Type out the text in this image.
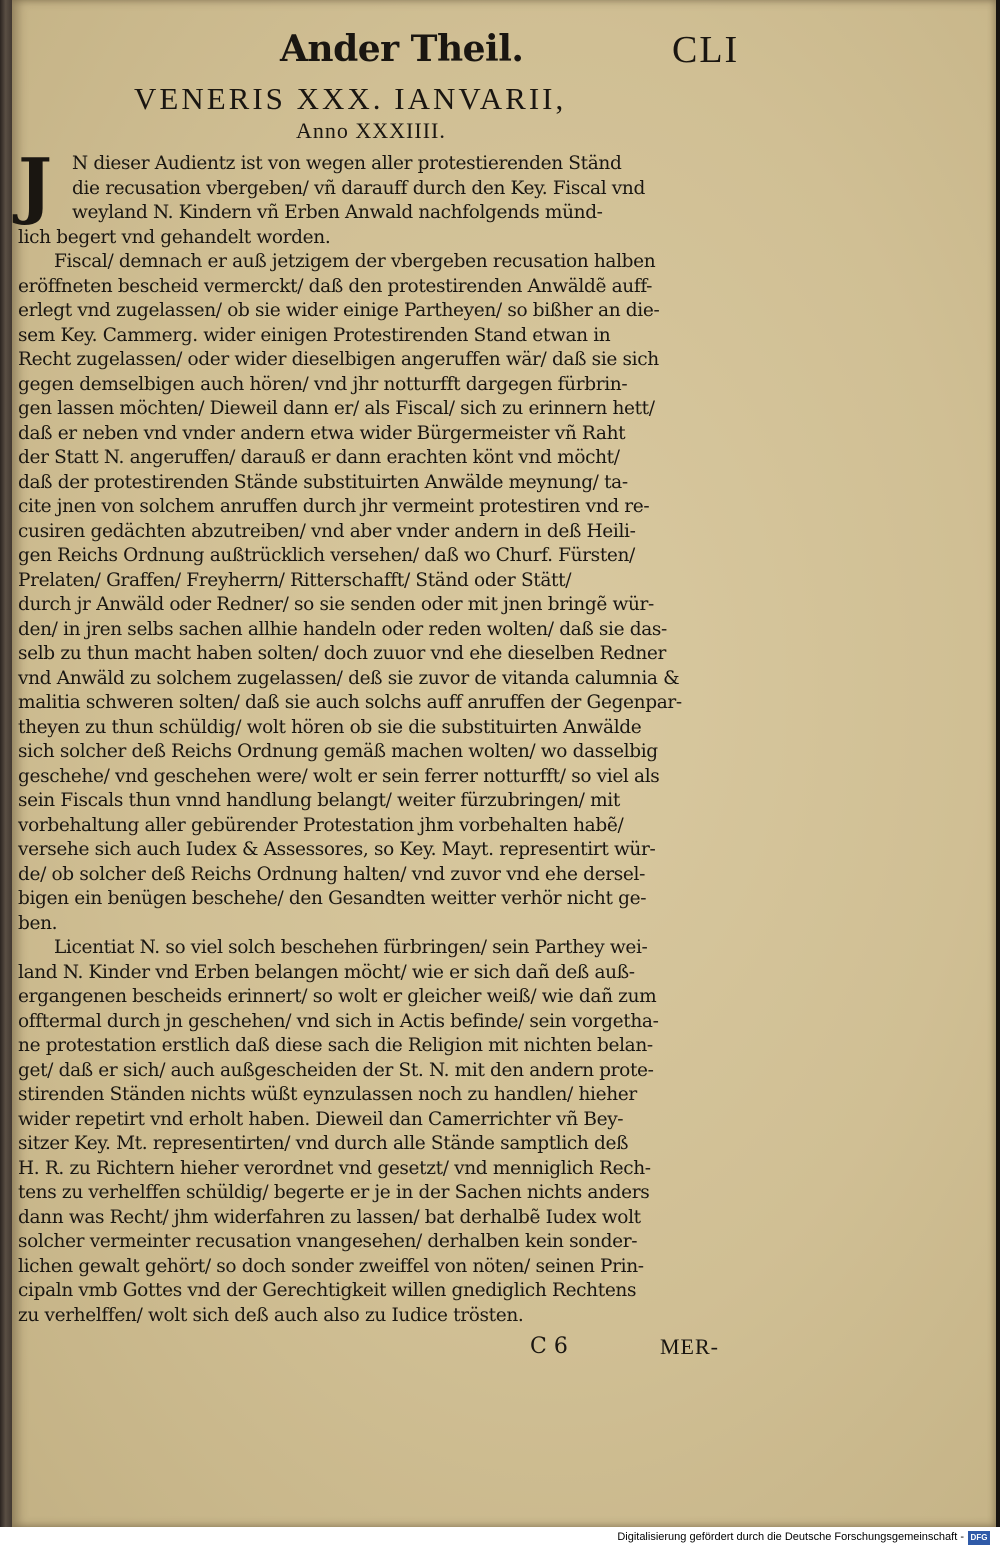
Ander Theil.	CLI

VENERIS XXX. IANVARII,

Anno XXXIIII.

J	N dieser Audientz ist von wegen aller protestierenden Ständ
die recusation vbergeben/ vñ darauff durch den Key. Fiscal vnd
weyland N. Kindern vñ Erben Anwald nachfolgends münd-
lich begert vnd gehandelt worden.
Fiscal/ demnach er auß jetzigem der vbergeben recusation halben
eröffneten bescheid vermerckt/ daß den protestirenden Anwäldẽ auff-
erlegt vnd zugelassen/ ob sie wider einige Partheyen/ so bißher an die-
sem Key. Cammerg. wider einigen Protestirenden Stand etwan in
Recht zugelassen/ oder wider dieselbigen angeruffen wär/ daß sie sich
gegen demselbigen auch hören/ vnd jhr notturfft dargegen fürbrin-
gen lassen möchten/ Dieweil dann er/ als Fiscal/ sich zu erinnern hett/
daß er neben vnd vnder andern etwa wider Bürgermeister vñ Raht
der Statt N. angeruffen/ darauß er dann erachten könt vnd möcht/
daß der protestirenden Stände substituirten Anwälde meynung/ ta-
cite jnen von solchem anruffen durch jhr vermeint protestiren vnd re-
cusiren gedächten abzutreiben/ vnd aber vnder andern in deß Heili-
gen Reichs Ordnung außtrücklich versehen/ daß wo Churf. Fürsten/
Prelaten/ Graffen/ Freyherrn/ Ritterschafft/ Ständ oder Stätt/
durch jr Anwäld oder Redner/ so sie senden oder mit jnen bringẽ wür-
den/ in jren selbs sachen allhie handeln oder reden wolten/ daß sie das-
selb zu thun macht haben solten/ doch zuuor vnd ehe dieselben Redner
vnd Anwäld zu solchem zugelassen/ deß sie zuvor de vitanda calumnia &
malitia schweren solten/ daß sie auch solchs auff anruffen der Gegenpar-
theyen zu thun schüldig/ wolt hören ob sie die substituirten Anwälde
sich solcher deß Reichs Ordnung gemäß machen wolten/ wo dasselbig
geschehe/ vnd geschehen were/ wolt er sein ferrer notturfft/ so viel als
sein Fiscals thun vnnd handlung belangt/ weiter fürzubringen/ mit
vorbehaltung aller gebürender Protestation jhm vorbehalten habẽ/
versehe sich auch Iudex & Assessores, so Key. Mayt. representirt wür-
de/ ob solcher deß Reichs Ordnung halten/ vnd zuvor vnd ehe dersel-
bigen ein benügen beschehe/ den Gesandten weitter verhör nicht ge-
ben.
Licentiat N. so viel solch beschehen fürbringen/ sein Parthey wei-
land N. Kinder vnd Erben belangen möcht/ wie er sich dañ deß auß-
ergangenen bescheids erinnert/ so wolt er gleicher weiß/ wie dañ zum
offtermal durch jn geschehen/ vnd sich in Actis befinde/ sein vorgetha-
ne protestation erstlich daß diese sach die Religion mit nichten belan-
get/ daß er sich/ auch außgescheiden der St. N. mit den andern prote-
stirenden Ständen nichts wüßt eynzulassen noch zu handlen/ hieher
wider repetirt vnd erholt haben. Dieweil dan Camerrichter vñ Bey-
sitzer Key. Mt. representirten/ vnd durch alle Stände samptlich deß
H. R. zu Richtern hieher verordnet vnd gesetzt/ vnd menniglich Rech-
tens zu verhelffen schüldig/ begerte er je in der Sachen nichts anders
dann was Recht/ jhm widerfahren zu lassen/ bat derhalbẽ Iudex wolt
solcher vermeinter recusation vnangesehen/ derhalben kein sonder-
lichen gewalt gehört/ so doch sonder zweiffel von nöten/ seinen Prin-
cipaln vmb Gottes vnd der Gerechtigkeit willen gnediglich Rechtens
zu verhelffen/ wolt sich deß auch also zu Iudice trösten.
C 6	MER-
Digitalisierung gefördert durch die Deutsche Forschungsgemeinschaft - DFG
